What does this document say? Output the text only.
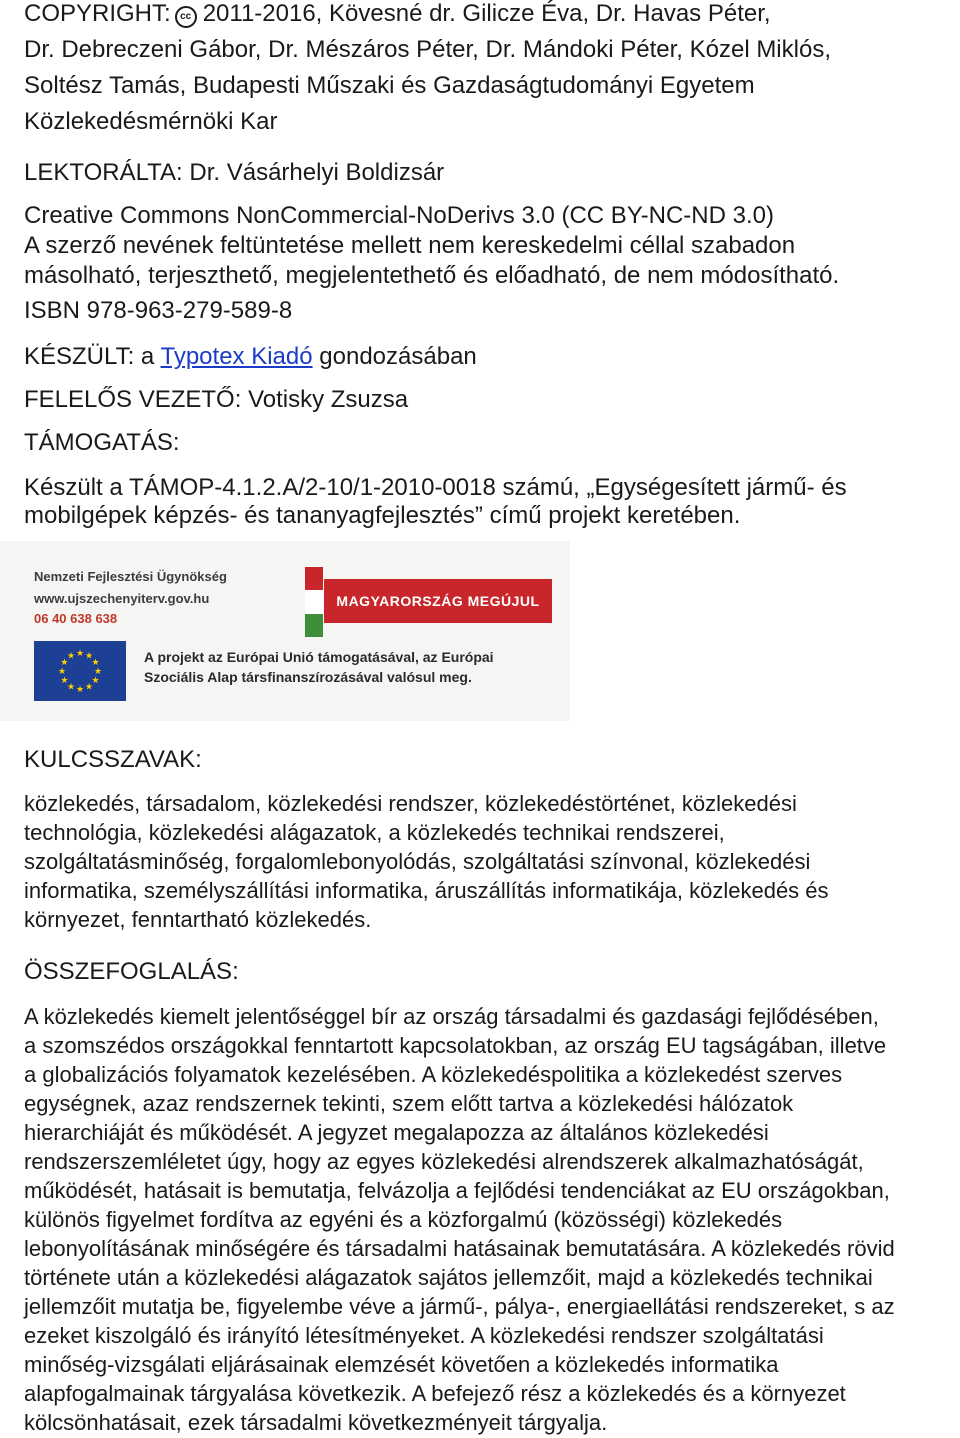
COPYRIGHT: cc 2011-2016, Kövesné dr. Gilicze Éva, Dr. Havas Péter,
Dr. Debreczeni Gábor, Dr. Mészáros Péter, Dr. Mándoki Péter, Kózel Miklós,
Soltész Tamás, Budapesti Műszaki és Gazdaságtudományi Egyetem
Közlekedésmérnöki Kar
LEKTORÁLTA: Dr. Vásárhelyi Boldizsár
Creative Commons NonCommercial-NoDerivs 3.0 (CC BY-NC-ND 3.0)
A szerző nevének feltüntetése mellett nem kereskedelmi céllal szabadon
másolható, terjeszthető, megjelentethető és előadható, de nem módosítható.
ISBN 978-963-279-589-8
KÉSZÜLT: a Typotex Kiadó gondozásában
FELELŐS VEZETŐ: Votisky Zsuzsa
TÁMOGATÁS:
Készült a TÁMOP-4.1.2.A/2-10/1-2010-0018 számú, „Egységesített jármű- és
mobilgépek képzés- és tananyagfejlesztés” című projekt keretében.
KULCSSZAVAK:
közlekedés, társadalom, közlekedési rendszer, közlekedéstörténet, közlekedési
technológia, közlekedési alágazatok, a közlekedés technikai rendszerei,
szolgáltatásminőség, forgalomlebonyolódás, szolgáltatási színvonal, közlekedési
informatika, személyszállítási informatika, áruszállítás informatikája, közlekedés és
környezet, fenntartható közlekedés.
ÖSSZEFOGLALÁS:
A közlekedés kiemelt jelentőséggel bír az ország társadalmi és gazdasági fejlődésében,
a szomszédos országokkal fenntartott kapcsolatokban, az ország EU tagságában, illetve
a globalizációs folyamatok kezelésében. A közlekedéspolitika a közlekedést szerves
egységnek, azaz rendszernek tekinti, szem előtt tartva a közlekedési hálózatok
hierarchiáját és működését. A jegyzet megalapozza az általános közlekedési
rendszerszemléletet úgy, hogy az egyes közlekedési alrendszerek alkalmazhatóságát,
működését, hatásait is bemutatja, felvázolja a fejlődési tendenciákat az EU országokban,
különös figyelmet fordítva az egyéni és a közforgalmú (közösségi) közlekedés
lebonyolításának minőségére és társadalmi hatásainak bemutatására. A közlekedés rövid
története után a közlekedési alágazatok sajátos jellemzőit, majd a közlekedés technikai
jellemzőit mutatja be, figyelembe véve a jármű-, pálya-, energiaellátási rendszereket, s az
ezeket kiszolgáló és irányító létesítményeket. A közlekedési rendszer szolgáltatási
minőség-vizsgálati eljárásainak elemzését követően a közlekedés informatika
alapfogalmainak tárgyalása következik. A befejező rész a közlekedés és a környezet
kölcsönhatásait, ezek társadalmi következményeit tárgyalja.
Nemzeti Fejlesztési Ügynökség
www.ujszechenyiterv.gov.hu
06 40 638 638
MAGYARORSZÁG MEGÚJUL
★
★
★
★
★
★
★
★
★ ★ ★
★	A projekt az Európai Unió támogatásával, az Európai
Szociális Alap társfinanszírozásával valósul meg.
